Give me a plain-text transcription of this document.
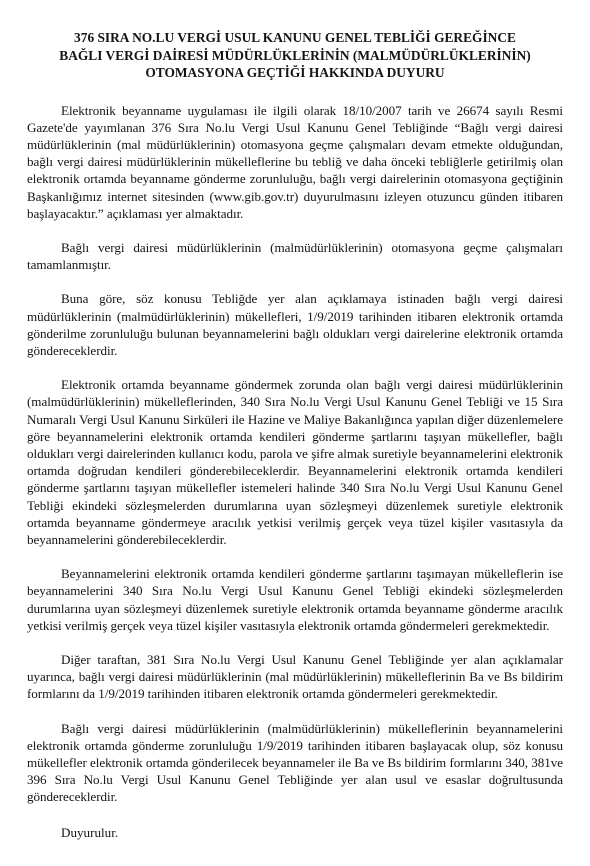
376 SIRA NO.LU VERGİ USUL KANUNU GENEL TEBLİĞİ GEREĞİNCE
BAĞLI VERGİ DAİRESİ MÜDÜRLÜKLERİNİN (MALMÜDÜRLÜKLERİNİN)
OTOMASYONA GEÇTİĞİ HAKKINDA DUYURU

Elektronik beyanname uygulaması ile ilgili olarak 18/10/2007 tarih ve 26674 sayılı Resmi Gazete'de yayımlanan 376 Sıra No.lu Vergi Usul Kanunu Genel Tebliğinde “Bağlı vergi dairesi müdürlüklerinin (mal müdürlüklerinin) otomasyona geçme çalışmaları devam etmekte olduğundan, bağlı vergi dairesi müdürlüklerinin mükelleflerine bu tebliğ ve daha önceki tebliğlerle getirilmiş olan elektronik ortamda beyanname gönderme zorunluluğu, bağlı vergi dairelerinin otomasyona geçtiğinin Başkanlığımız internet sitesinden (www.gib.gov.tr) duyurulmasını izleyen otuzuncu günden itibaren başlayacaktır.” açıklaması yer almaktadır.

Bağlı vergi dairesi müdürlüklerinin (malmüdürlüklerinin) otomasyona geçme çalışmaları tamamlanmıştır.

Buna göre, söz konusu Tebliğde yer alan açıklamaya istinaden bağlı vergi dairesi müdürlüklerinin (malmüdürlüklerinin) mükellefleri, 1/9/2019 tarihinden itibaren elektronik ortamda gönderilme zorunluluğu bulunan beyannamelerini bağlı oldukları vergi dairelerine elektronik ortamda göndereceklerdir.

Elektronik ortamda beyanname göndermek zorunda olan bağlı vergi dairesi müdürlüklerinin (malmüdürlüklerinin) mükelleflerinden, 340 Sıra No.lu Vergi Usul Kanunu Genel Tebliği ve 15 Sıra Numaralı Vergi Usul Kanunu Sirküleri ile Hazine ve Maliye Bakanlığınca yapılan diğer düzenlemelere göre beyannamelerini elektronik ortamda kendileri gönderme şartlarını taşıyan mükellefler, bağlı oldukları vergi dairelerinden kullanıcı kodu, parola ve şifre almak suretiyle beyannamelerini elektronik ortamda doğrudan kendileri gönderebileceklerdir. Beyannamelerini elektronik ortamda kendileri gönderme şartlarını taşıyan mükellefler istemeleri halinde 340 Sıra No.lu Vergi Usul Kanunu Genel Tebliği ekindeki sözleşmelerden durumlarına uyan sözleşmeyi düzenlemek suretiyle elektronik ortamda beyanname göndermeye aracılık yetkisi verilmiş gerçek veya tüzel kişiler vasıtasıyla da beyannamelerini gönderebileceklerdir.

Beyannamelerini elektronik ortamda kendileri gönderme şartlarını taşımayan mükelleflerin ise beyannamelerini 340 Sıra No.lu Vergi Usul Kanunu Genel Tebliği ekindeki sözleşmelerden durumlarına uyan sözleşmeyi düzenlemek suretiyle elektronik ortamda beyanname gönderme aracılık yetkisi verilmiş gerçek veya tüzel kişiler vasıtasıyla elektronik ortamda göndermeleri gerekmektedir.

Diğer taraftan, 381 Sıra No.lu Vergi Usul Kanunu Genel Tebliğinde yer alan açıklamalar uyarınca, bağlı vergi dairesi müdürlüklerinin (mal müdürlüklerinin) mükelleflerinin Ba ve Bs bildirim formlarını da 1/9/2019 tarihinden itibaren elektronik ortamda göndermeleri gerekmektedir.

Bağlı vergi dairesi müdürlüklerinin (malmüdürlüklerinin) mükelleflerinin beyannamelerini elektronik ortamda gönderme zorunluluğu 1/9/2019 tarihinden itibaren başlayacak olup, söz konusu mükellefler elektronik ortamda gönderilecek beyannameler ile Ba ve Bs bildirim formlarını 340, 381ve 396 Sıra No.lu Vergi Usul Kanunu Genel Tebliğinde yer alan usul ve esaslar doğrultusunda göndereceklerdir.

Duyurulur.
